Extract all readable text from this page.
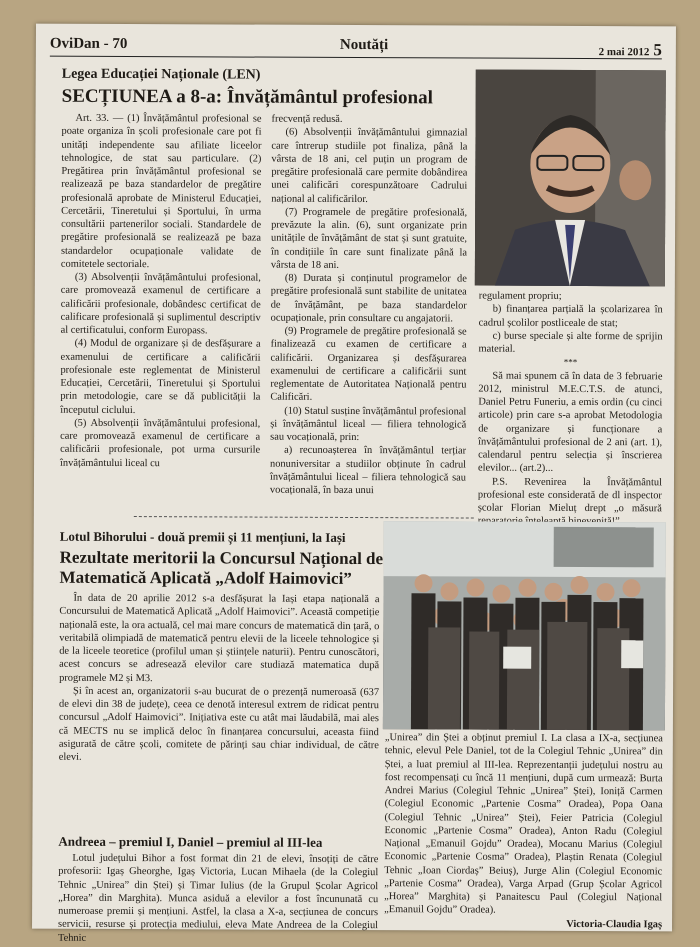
OviDan - 70	Noutăți	2 mai 2012 5
Legea Educației Naționale (LEN)
SECȚIUNEA a 8-a: Învățământul profesional

Art. 33. — (1) Învățământul profesional se poate organiza în școli profesionale care pot fi unități independente sau afiliate liceelor tehnologice, de stat sau particulare. (2) Pregătirea prin învățământul profesional se realizează pe baza standardelor de pregătire profesională aprobate de Ministerul Educației, Cercetării, Tineretului și Sportului, în urma consultării partenerilor sociali. Standardele de pregătire profesională se realizează pe baza standardelor ocupaționale validate de comitetele sectoriale.

(3) Absolvenții învățământului profesional, care promovează examenul de certificare a calificării profesionale, dobândesc certificat de calificare profesională și suplimentul descriptiv al certificatului, conform Europass.

(4) Modul de organizare și de desfășurare a examenului de certificare a calificării profesionale este reglementat de Ministerul Educației, Cercetării, Tineretului și Sportului prin metodologie, care se dă publicității la începutul ciclului.

(5) Absolvenții învățământului profesional, care promovează examenul de certificare a calificării profesionale, pot urma cursurile învățământului liceal cu

frecvență redusă.

(6) Absolvenții învățământului gimnazial care întrerup studiile pot finaliza, până la vârsta de 18 ani, cel puțin un program de pregătire profesională care permite dobândirea unei calificări corespunzătoare Cadrului național al calificărilor.

(7) Programele de pregătire profesională, prevăzute la alin. (6), sunt organizate prin unitățile de învățământ de stat și sunt gratuite, în condițiile în care sunt finalizate până la vârsta de 18 ani.

(8) Durata și conținutul programelor de pregătire profesională sunt stabilite de unitatea de învățământ, pe baza standardelor ocupaționale, prin consultare cu angajatorii.

(9) Programele de pregătire profesională se finalizează cu examen de certificare a calificării. Organizarea și desfășurarea examenului de certificare a calificării sunt reglementate de Autoritatea Națională pentru Calificări.

(10) Statul susține învățământul profesional și învățământul liceal — filiera tehnologică sau vocațională, prin:

a) recunoașterea în învățământul terțiar nonuniversitar a studiilor obținute în cadrul învățământului liceal – filiera tehnologică sau vocațională, în baza unui

regulament propriu;

b) finanțarea parțială la școlarizarea în cadrul școlilor postliceale de stat;

c) burse speciale și alte forme de sprijin material.

***

Să mai spunem că în data de 3 februarie 2012, ministrul M.E.C.T.S. de atunci, Daniel Petru Funeriu, a emis ordin (cu cinci articole) prin care s-a aprobat Metodologia de organizare și funcționare a învățământului profesional de 2 ani (art. 1), calendarul pentru selecția și înscrierea elevilor... (art.2)...

P.S. Revenirea la Învățământul profesional este considerată de dl inspector școlar Florian Mieluț drept „o măsură

Lotul Bihorului - două premii și 11 mențiuni, la Iași
Rezultate meritorii la Concursul Național de Matematică Aplicată „Adolf Haimovici”

În data de 20 aprilie 2012 s-a desfășurat la Iași etapa națională a Concursului de Matematică Aplicată „Adolf Haimovici”. Această competiție națională este, la ora actuală, cel mai mare concurs de matematică din țară, o veritabilă olimpiadă de matematică pentru elevii de la liceele tehnologice și de la liceele teoretice (profilul uman și științele naturii). Pentru cunoscători, acest concurs se adresează elevilor care studiază matematica după programele M2 și M3.

Și în acest an, organizatorii s-au bucurat de o prezență numeroasă (637 de elevi din 38 de județe), ceea ce denotă interesul extrem de ridicat pentru concursul „Adolf Haimovici”. Inițiativa este cu atât mai lăudabilă, mai ales că MECTS nu se implică deloc în finanțarea concursului, aceasta fiind asigurată de către școli, comitete de părinți sau chiar individual, de către elevi.

Andreea – premiul I, Daniel – premiul al III-lea

Lotul județului Bihor a fost format din 21 de elevi, însoțiți de către profesorii: Igaș Gheorghe, Igaș Victoria, Lucan Mihaela (de la Colegiul Tehnic „Unirea” din Ștei) și Timar Iulius (de la Grupul Școlar Agricol „Horea” din Marghita). Munca asiduă a elevilor a fost încununată cu numeroase premii și mențiuni. Astfel, la clasa a X-a, secțiunea de concurs servicii, resurse și protecția mediului, eleva Mate Andreea de la Colegiul Tehnic

„Unirea” din Ștei a obținut premiul I. La clasa a IX-a, secțiunea tehnic, elevul Pele Daniel, tot de la Colegiul Tehnic „Unirea” din Ștei, a luat premiul al III-lea. Reprezentanții județului nostru au fost recompensați cu încă 11 mențiuni, după cum urmează: Burta Andrei Marius (Colegiul Tehnic „Unirea” Ștei), Ioniță Carmen (Colegiul Economic „Partenie Cosma” Oradea), Popa Oana (Colegiul Tehnic „Unirea” Ștei), Feier Patricia (Colegiul Economic „Partenie Cosma” Oradea), Anton Radu (Colegiul Național „Emanuil Gojdu” Oradea), Mocanu Marius (Colegiul Economic „Partenie Cosma” Oradea), Plaștin Renata (Colegiul Tehnic „Ioan Ciordaș” Beiuș), Jurge Alin (Colegiul Economic „Partenie Cosma” Oradea), Varga Arpad (Grup Școlar Agricol „Horea” Marghita) și Panaitescu Paul (Colegiul Național „Emanuil Gojdu” Oradea).

Victoria-Claudia Igaș
